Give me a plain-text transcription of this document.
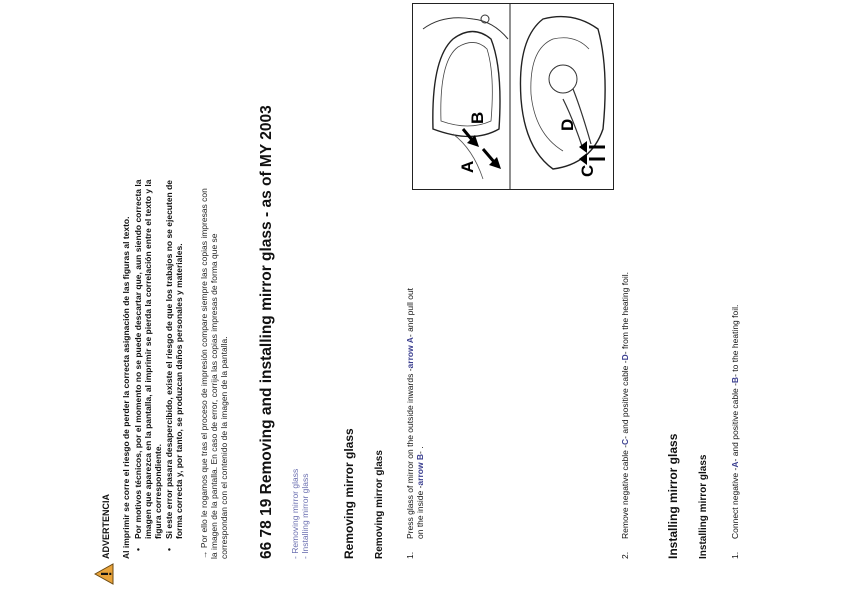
ADVERTENCIA Al imprimir se corre el riesgo de perder la correcta asignación de las figuras al texto. •
Por motivos técnicos, por el momento no se puede descartar que, aun siendo correcta la imagen que aparezca en la pantalla, al imprimir se pierda la correlación entre el texto y la figura correspondiente.
•
Si este error pasara desapercibido, existe el riesgo de que los trabajos no se ejecuten de forma correcta y, por tanto, se produzcan daños personales y materiales. → Por ello le rogamos que tras el proceso de impresión compare siempre las copias impresas con la imagen de la pantalla. En caso de error, corrija las copias impresas de forma que se correspondan con el contenido de la imagen de la pantalla. 66 78 19 Removing and installing mirror glass - as of MY 2003 - Removing mirror glass - Installing mirror glass	Removing mirror glass Removing mirror glass 1.
Press glass of mirror on the outside inwards -arrow A- and pull out
on the inside -arrow B- .
A
B
C
D
2.
Remove negative cable -C- and positive cable -D- from the heating foil.
Installing mirror glass Installing mirror glass 1.
Connect negative -A- and positive cable -B- to the heating foil.
